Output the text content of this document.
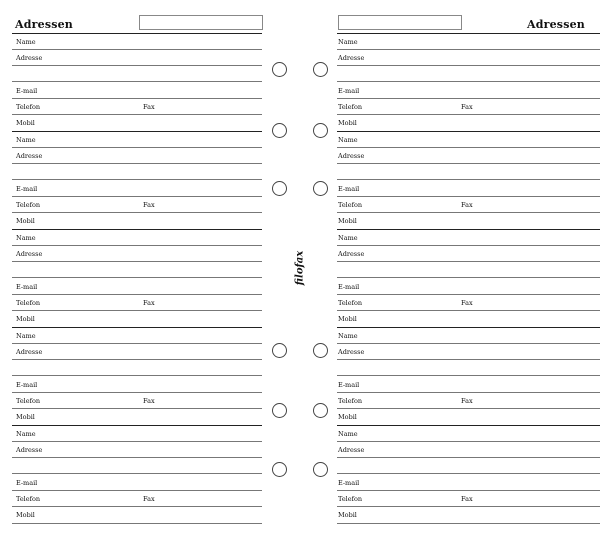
Adressen
Name
Adresse
E-mail
Telefon	Fax
Mobil
Name
Adresse
E-mail
Telefon	Fax
Mobil
Name
Adresse
E-mail
Telefon	Fax
Mobil
Name
Adresse
E-mail
Telefon	Fax
Mobil
Name
Adresse
E-mail
Telefon	Fax
Mobil
Adressen
Name
Adresse
E-mail
Telefon	Fax
Mobil
Name
Adresse
E-mail
Telefon	Fax
Mobil
Name
Adresse
E-mail
Telefon	Fax
Mobil
Name
Adresse
E-mail
Telefon	Fax
Mobil
Name
Adresse
E-mail
Telefon	Fax
Mobil
filofax
